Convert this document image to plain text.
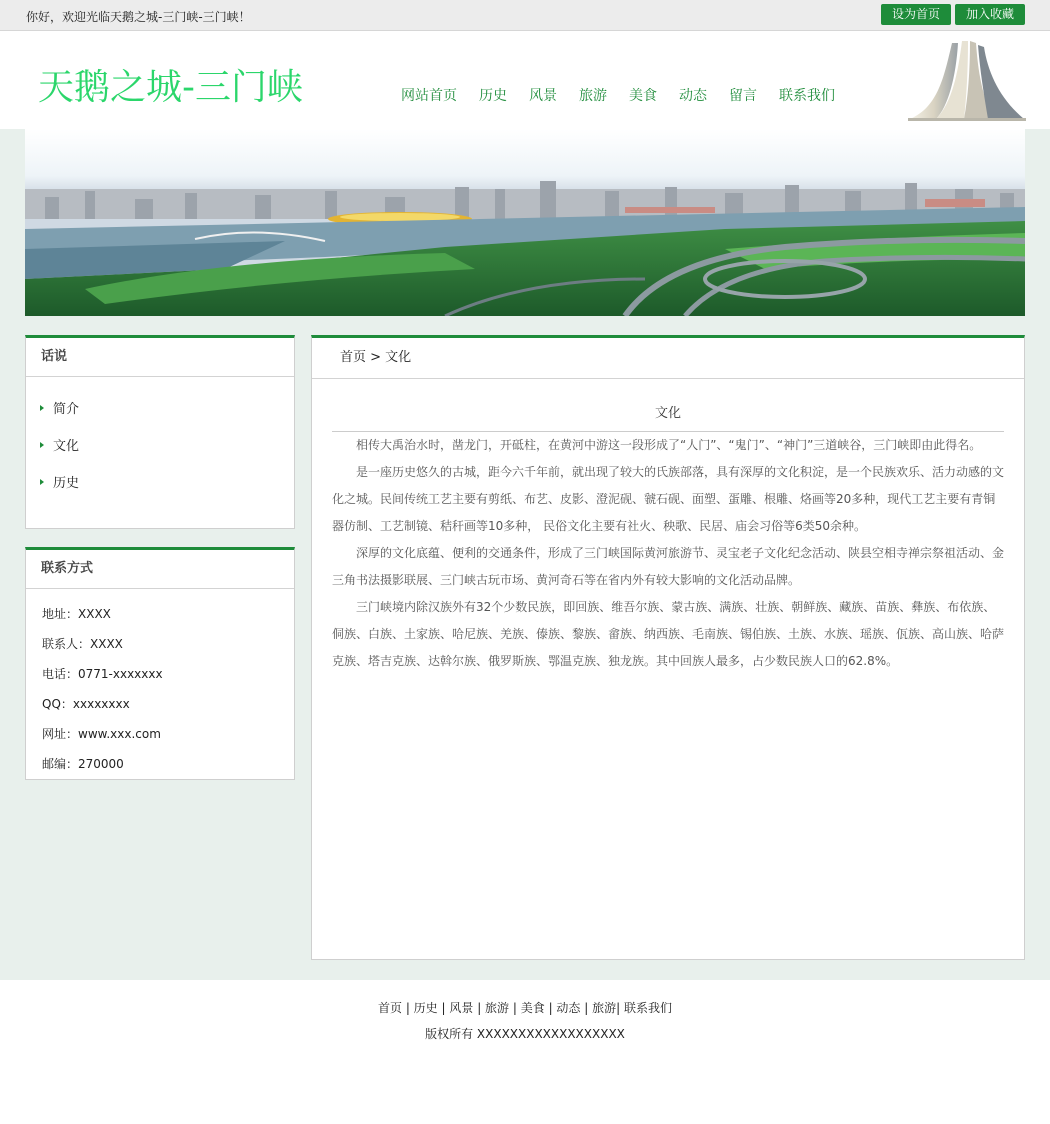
你好，欢迎光临天鹅之城-三门峡-三门峡！	设为首页	加入收藏
天鹅之城-三门峡	网站首页 历史 风景 旅游 美食 动态 留言 联系我们
话说
简介
文化
历史
联系方式
地址：XXXX
联系人：XXXX
电话：0771-xxxxxxx
QQ：xxxxxxxx
网址：www.xxx.com
邮编：270000
首页 > 文化
文化

相传大禹治水时，凿龙门，开砥柱，在黄河中游这一段形成了“人门”、“鬼门”、“神门”三道峡谷，三门峡即由此得名。

是一座历史悠久的古城，距今六千年前，就出现了较大的氏族部落，具有深厚的文化积淀，是一个民族欢乐、活力动感的文化之城。民间传统工艺主要有剪纸、布艺、皮影、澄泥砚、虢石砚、面塑、蛋雕、根雕、烙画等20多种，现代工艺主要有青铜器仿制、工艺制镜、秸秆画等10多种， 民俗文化主要有社火、秧歌、民居、庙会习俗等6类50余种。

深厚的文化底蕴、便利的交通条件，形成了三门峡国际黄河旅游节、灵宝老子文化纪念活动、陕县空相寺禅宗祭祖活动、金三角书法摄影联展、三门峡古玩市场、黄河奇石等在省内外有较大影响的文化活动品牌。

三门峡境内除汉族外有32个少数民族，即回族、维吾尔族、蒙古族、满族、壮族、朝鲜族、藏族、苗族、彝族、布依族、侗族、白族、土家族、哈尼族、羌族、傣族、黎族、畲族、纳西族、毛南族、锡伯族、土族、水族、瑶族、佤族、高山族、哈萨克族、塔吉克族、达斡尔族、俄罗斯族、鄂温克族、独龙族。其中回族人最多，占少数民族人口的62.8%。

首页 | 历史 | 风景 | 旅游 | 美食 | 动态 | 旅游| 联系我们
版权所有 XXXXXXXXXXXXXXXXXX
